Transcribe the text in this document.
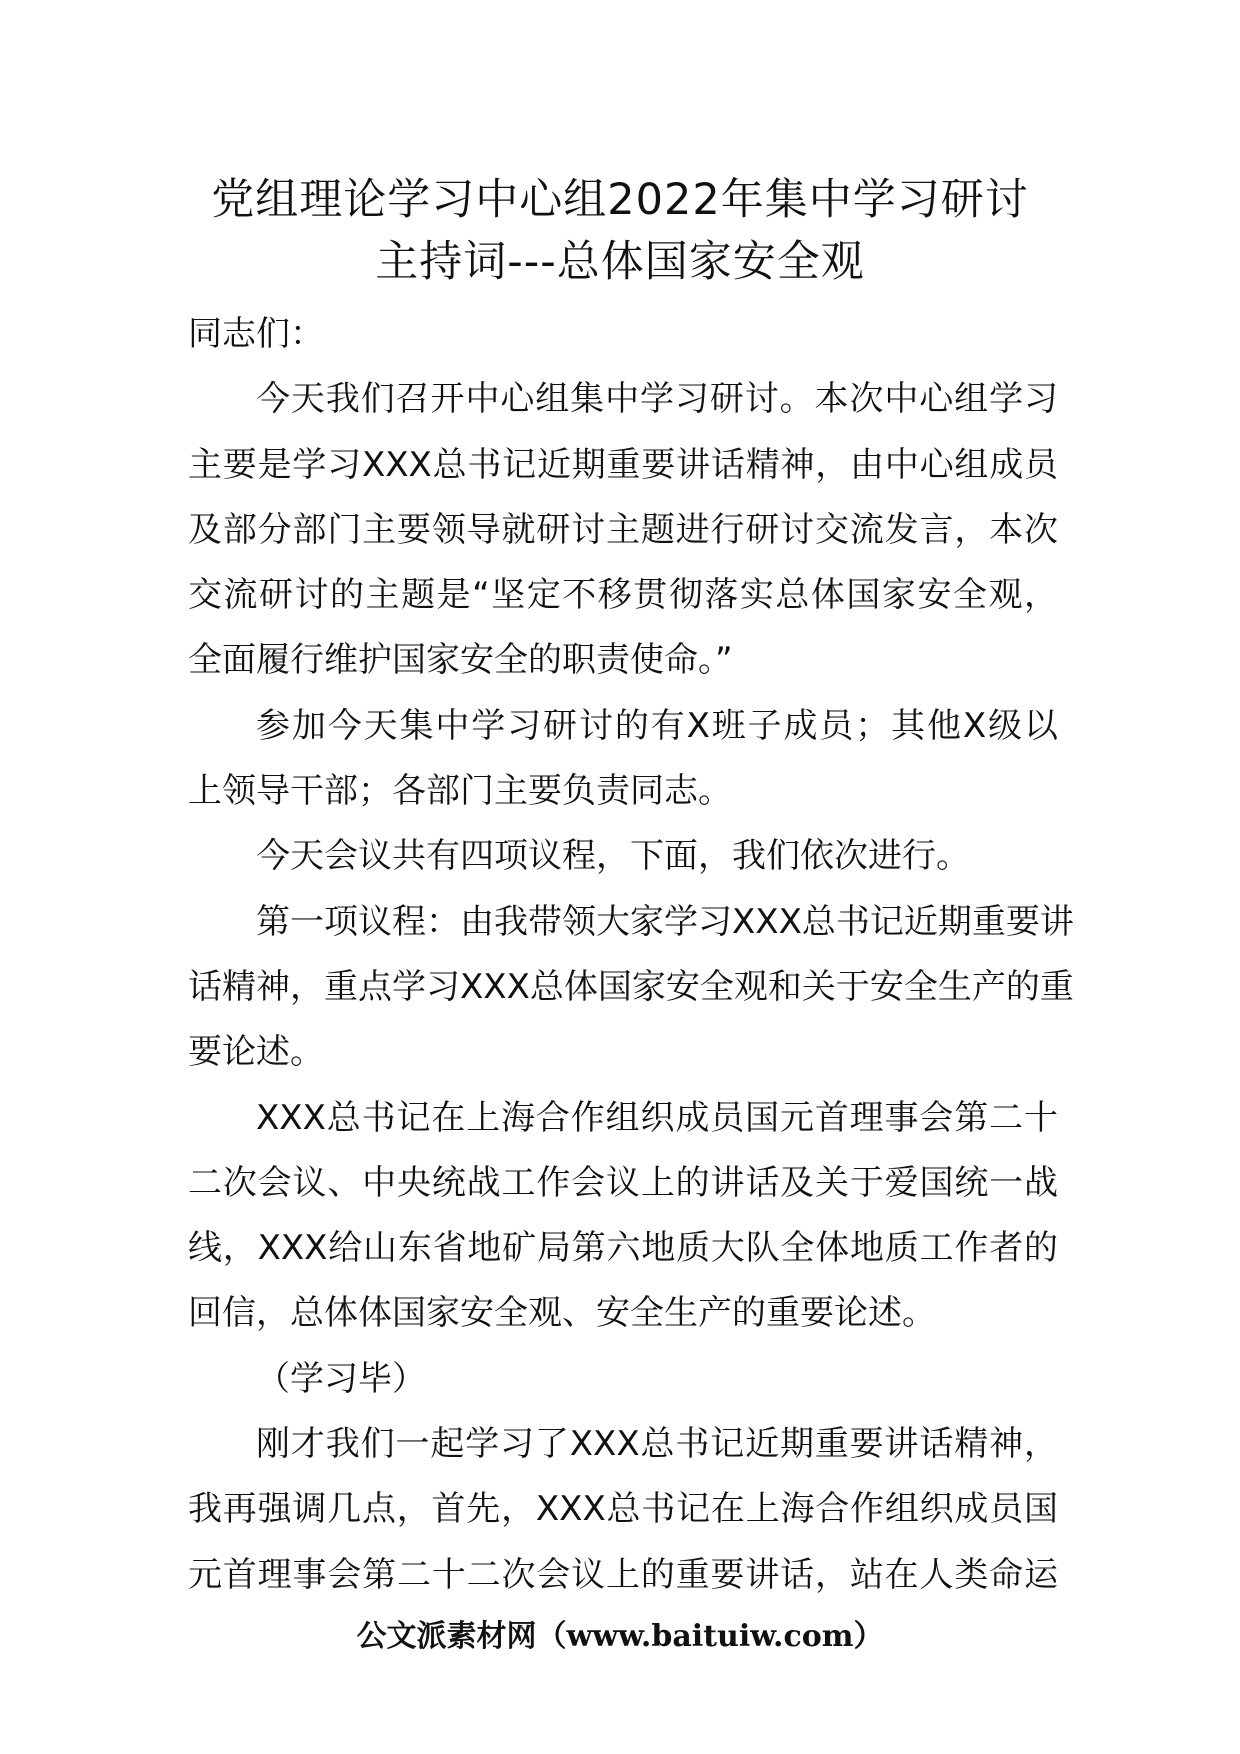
党组理论学习中心组2022年集中学习研讨
主持词---总体国家安全观
同志们：
今天我们召开中心组集中学习研讨。本次中心组学习
主要是学习XXX总书记近期重要讲话精神，由中心组成员
及部分部门主要领导就研讨主题进行研讨交流发言，本次
交流研讨的主题是“坚定不移贯彻落实总体国家安全观，
全面履行维护国家安全的职责使命。”
参加今天集中学习研讨的有X班子成员；其他X级以
上领导干部；各部门主要负责同志。
今天会议共有四项议程，下面，我们依次进行。
第一项议程：由我带领大家学习XXX总书记近期重要讲
话精神，重点学习XXX总体国家安全观和关于安全生产的重
要论述。
XXX总书记在上海合作组织成员国元首理事会第二十
二次会议、中央统战工作会议上的讲话及关于爱国统一战
线，XXX给山东省地矿局第六地质大队全体地质工作者的
回信，总体体国家安全观、安全生产的重要论述。
（学习毕）
刚才我们一起学习了XXX总书记近期重要讲话精神，
我再强调几点，首先，XXX总书记在上海合作组织成员国
元首理事会第二十二次会议上的重要讲话，站在人类命运
公文派素材网（www.baituiw.com）
